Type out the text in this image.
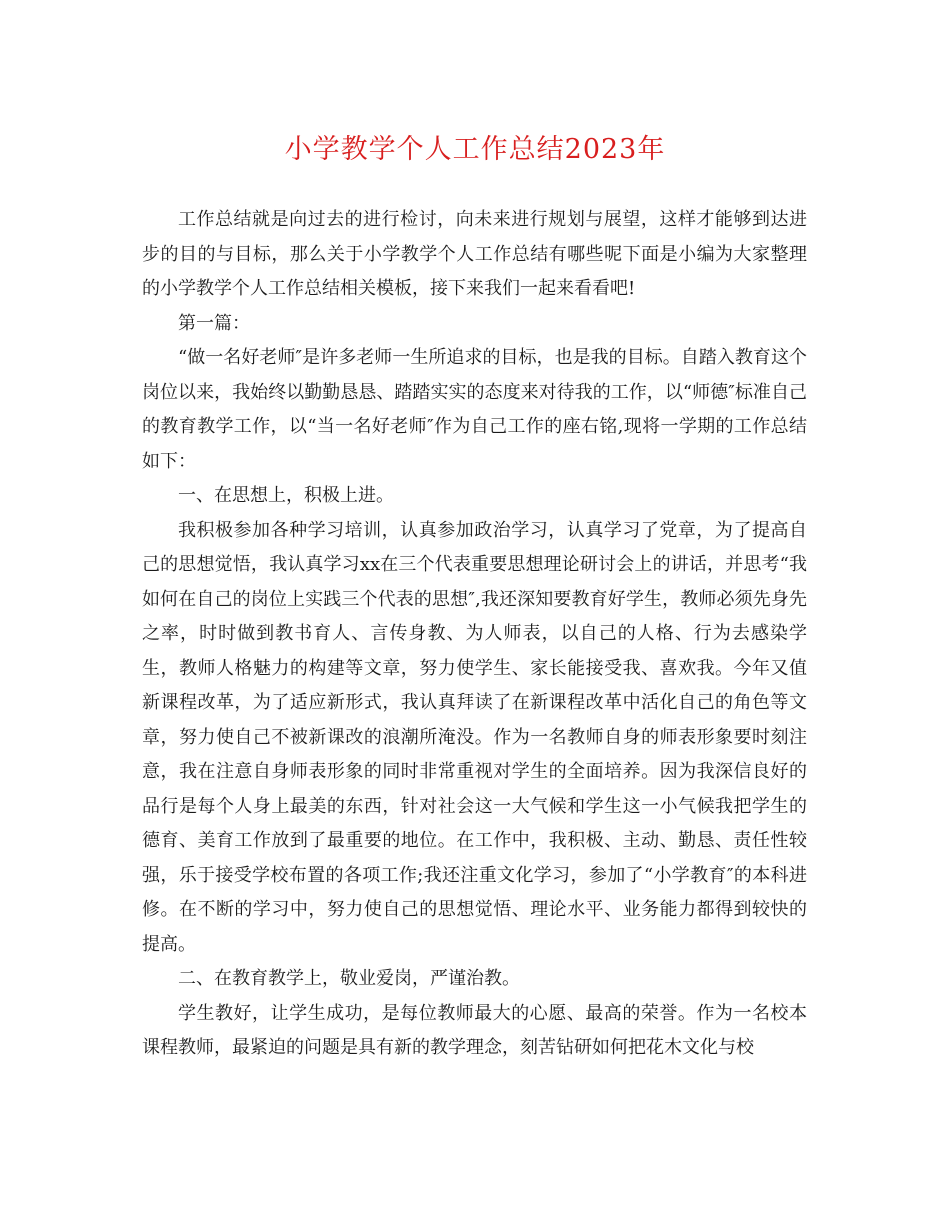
小学教学个人工作总结2023年

工作总结就是向过去的进行检讨，向未来进行规划与展望，这样才能够到达进步的目的与目标，那么关于小学教学个人工作总结有哪些呢下面是小编为大家整理的小学教学个人工作总结相关模板，接下来我们一起来看看吧!

第一篇：

“做一名好老师″是许多老师一生所追求的目标，也是我的目标。自踏入教育这个岗位以来，我始终以勤勤恳恳、踏踏实实的态度来对待我的工作，以“师德″标准自己的教育教学工作，以“当一名好老师″作为自己工作的座右铭,现将一学期的工作总结如下：

一、在思想上，积极上进。

我积极参加各种学习培训，认真参加政治学习，认真学习了党章，为了提高自己的思想觉悟，我认真学习xx在三个代表重要思想理论研讨会上的讲话，并思考“我如何在自己的岗位上实践三个代表的思想″,我还深知要教育好学生，教师必须先身先之率，时时做到教书育人、言传身教、为人师表，以自己的人格、行为去感染学生，教师人格魅力的构建等文章，努力使学生、家长能接受我、喜欢我。今年又值新课程改革，为了适应新形式，我认真拜读了在新课程改革中活化自己的角色等文章，努力使自己不被新课改的浪潮所淹没。作为一名教师自身的师表形象要时刻注意，我在注意自身师表形象的同时非常重视对学生的全面培养。因为我深信良好的品行是每个人身上最美的东西，针对社会这一大气候和学生这一小气候我把学生的德育、美育工作放到了最重要的地位。在工作中，我积极、主动、勤恳、责任性较强，乐于接受学校布置的各项工作;我还注重文化学习，参加了“小学教育″的本科进修。在不断的学习中，努力使自己的思想觉悟、理论水平、业务能力都得到较快的提高。

二、在教育教学上，敬业爱岗，严谨治教。

学生教好，让学生成功，是每位教师最大的心愿、最高的荣誉。作为一名校本课程教师，最紧迫的问题是具有新的教学理念，刻苦钻研如何把花木文化与校
